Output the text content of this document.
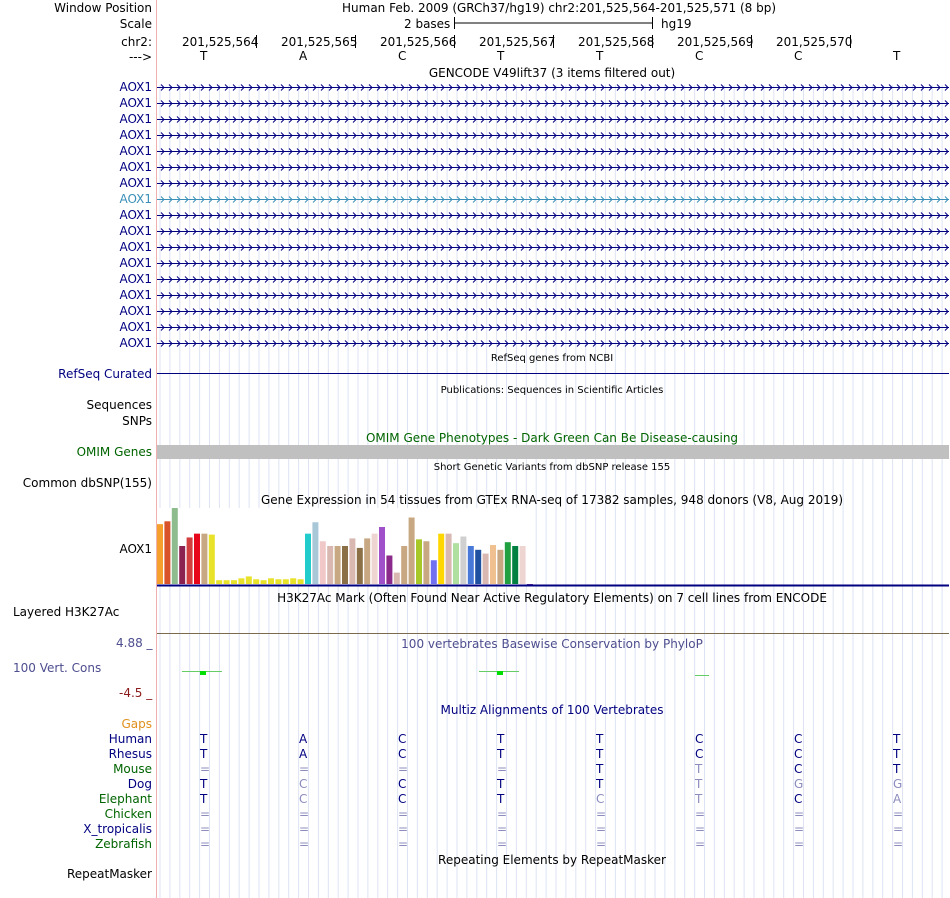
Window Position	Human Feb. 2009 (GRCh37/hg19) chr2:201,525,564-201,525,571 (8 bp)
Scale	2 bases	hg19
chr2:
--->
201,525,564 201,525,565 201,525,566 201,525,567 201,525,568 201,525,569 201,525,570
T	A	C	T	T	C	C	T
GENCODE V49lift37 (3 items filtered out)
AOX1
AOX1
AOX1
AOX1
AOX1
AOX1
AOX1
AOX1
AOX1
AOX1
AOX1
AOX1
AOX1
AOX1
AOX1
AOX1
AOX1
RefSeq genes from NCBI
RefSeq Curated
Publications: Sequences in Scientific Articles
Sequences
SNPs
OMIM Gene Phenotypes - Dark Green Can Be Disease-causing
OMIM Genes
Short Genetic Variants from dbSNP release 155
Common dbSNP(155)
Gene Expression in 54 tissues from GTEx RNA-seq of 17382 samples, 948 donors (V8, Aug 2019)
AOX1
H3K27Ac Mark (Often Found Near Active Regulatory Elements) on 7 cell lines from ENCODE
Layered H3K27Ac
100 vertebrates Basewise Conservation by PhyloP
4.88 _
100 Vert. Cons
-4.5 _
Multiz Alignments of 100 Vertebrates
Gaps
Human	T	A	C	T	T	C	C	T
Rhesus	T	A	C	T	T	C	C	T
Mouse	=	=	=	=	T	T	C	T
Dog	T	C	C	T	T	T	G	G
Elephant	T	C	C	T	C	T	C	A
Chicken	=	=	=	=	=	=	=	=
X_tropicalis	=	=	=	=	=	=	=	=
Zebrafish	=	=	=	=	=	=	=	=
Repeating Elements by RepeatMasker
RepeatMasker
